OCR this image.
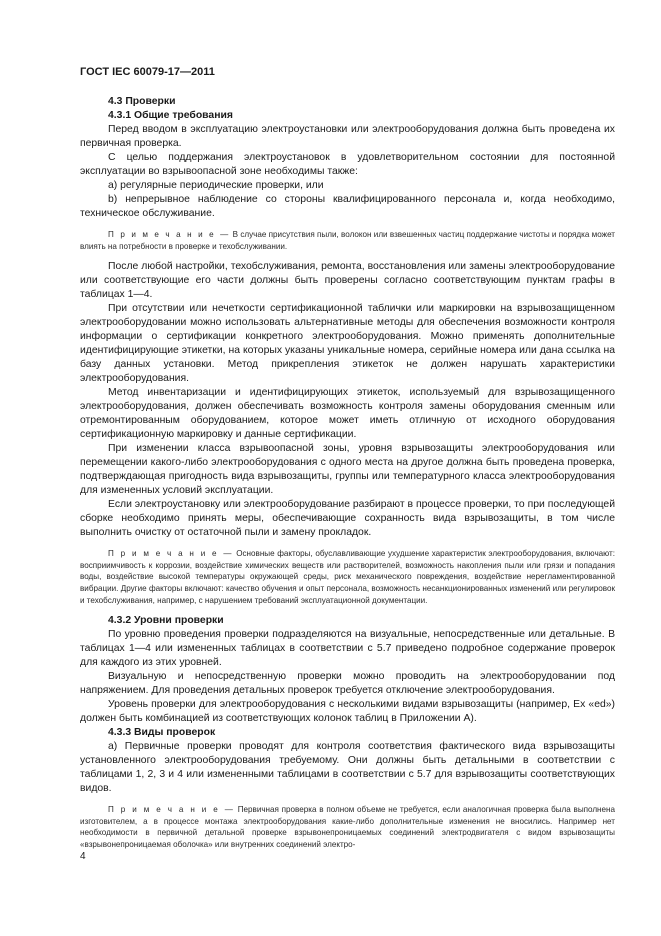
ГОСТ IEC 60079-17—2011

4.3 Проверки

4.3.1 Общие требования

Перед вводом в эксплуатацию электроустановки или электрооборудования должна быть проведена их первичная проверка.

С целью поддержания электроустановок в удовлетворительном состоянии для постоянной эксплуатации во взрывоопасной зоне необходимы также:

а) регулярные периодические проверки, или

b) непрерывное наблюдение со стороны квалифицированного персонала и, когда необходимо, техническое обслуживание.

П р и м е ч а н и е — В случае присутствия пыли, волокон или взвешенных частиц поддержание чистоты и порядка может влиять на потребности в проверке и техобслуживании.

После любой настройки, техобслуживания, ремонта, восстановления или замены электрооборудование или соответствующие его части должны быть проверены согласно соответствующим пунктам графы в таблицах 1—4.

При отсутствии или нечеткости сертификационной таблички или маркировки на взрывозащищенном электрооборудовании можно использовать альтернативные методы для обеспечения возможности контроля информации о сертификации конкретного электрооборудования. Можно применять дополнительные идентифицирующие этикетки, на которых указаны уникальные номера, серийные номера или дана ссылка на базу данных установки. Метод прикрепления этикеток не должен нарушать характеристики электрооборудования.

Метод инвентаризации и идентифицирующих этикеток, используемый для взрывозащищенного электрооборудования, должен обеспечивать возможность контроля замены оборудования сменным или отремонтированным оборудованием, которое может иметь отличную от исходного оборудования сертификационную маркировку и данные сертификации.

При изменении класса взрывоопасной зоны, уровня взрывозащиты электрооборудования или перемещении какого-либо электрооборудования с одного места на другое должна быть проведена проверка, подтверждающая пригодность вида взрывозащиты, группы или температурного класса электрооборудования для измененных условий эксплуатации.

Если электроустановку или электрооборудование разбирают в процессе проверки, то при последующей сборке необходимо принять меры, обеспечивающие сохранность вида взрывозащиты, в том числе выполнить очистку от остаточной пыли и замену прокладок.

П р и м е ч а н и е — Основные факторы, обуславливающие ухудшение характеристик электрооборудования, включают: восприимчивость к коррозии, воздействие химических веществ или растворителей, возможность накопления пыли или грязи и попадания воды, воздействие высокой температуры окружающей среды, риск механического повреждения, воздействие нерегламентированной вибрации. Другие факторы включают: качество обучения и опыт персонала, возможность несанкционированных изменений или регулировок и техобслуживания, например, с нарушением требований эксплуатационной документации.

4.3.2 Уровни проверки

По уровню проведения проверки подразделяются на визуальные, непосредственные или детальные. В таблицах 1—4 или измененных таблицах в соответствии с 5.7 приведено подробное содержание проверок для каждого из этих уровней.

Визуальную и непосредственную проверки можно проводить на электрооборудовании под напряжением. Для проведения детальных проверок требуется отключение электрооборудования.

Уровень проверки для электрооборудования с несколькими видами взрывозащиты (например, Ex «ed») должен быть комбинацией из соответствующих колонок таблиц в Приложении А).

4.3.3 Виды проверок

а) Первичные проверки проводят для контроля соответствия фактического вида взрывозащиты установленного электрооборудования требуемому. Они должны быть детальными в соответствии с таблицами 1, 2, 3 и 4 или измененными таблицами в соответствии с 5.7 для взрывозащиты соответствующих видов.

П р и м е ч а н и е — Первичная проверка в полном объеме не требуется, если аналогичная проверка была выполнена изготовителем, а в процессе монтажа электрооборудования какие-либо дополнительные изменения не вносились. Например нет необходимости в первичной детальной проверке взрывонепроницаемых соединений электродвигателя с видом взрывозащиты «взрывонепроницаемая оболочка» или внутренних соединений электро-

4
